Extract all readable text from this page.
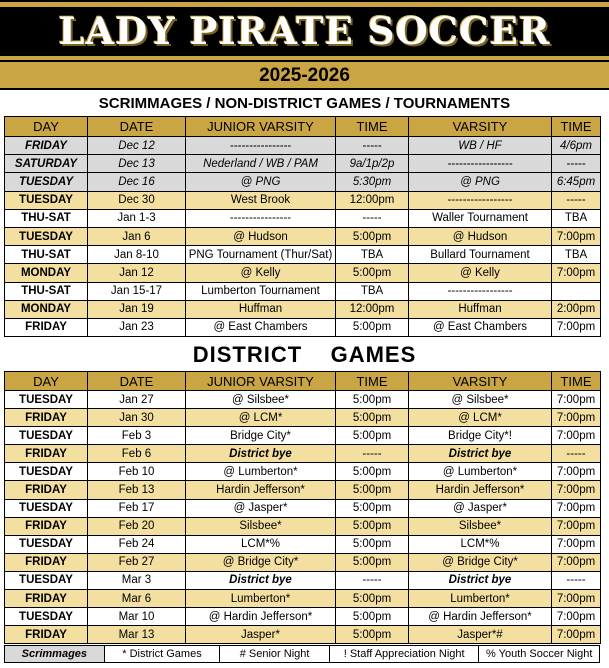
LADY PIRATE SOCCER
2025-2026
SCRIMMAGES / NON-DISTRICT GAMES / TOURNAMENTS
DAY	DATE	JUNIOR VARSITY	TIME	VARSITY	TIME
FRIDAY	Dec 12	----------------	-----	WB / HF	4/6pm
SATURDAY	Dec 13	Nederland / WB / PAM	9a/1p/2p	-----------------	-----
TUESDAY	Dec 16	@ PNG	5:30pm	@ PNG	6:45pm
TUESDAY	Dec 30	West Brook	12:00pm	-----------------	-----
THU-SAT	Jan 1-3	----------------	-----	Waller Tournament	TBA
TUESDAY	Jan 6	@ Hudson	5:00pm	@ Hudson	7:00pm
THU-SAT	Jan 8-10	PNG Tournament (Thur/Sat)	TBA	Bullard Tournament	TBA
MONDAY	Jan 12	@ Kelly	5:00pm	@ Kelly	7:00pm
THU-SAT	Jan 15-17	Lumberton Tournament	TBA	-----------------	
MONDAY	Jan 19	Huffman	12:00pm	Huffman	2:00pm
FRIDAY	Jan 23	@ East Chambers	5:00pm	@ East Chambers	7:00pm
DISTRICT    GAMES
DAY	DATE	JUNIOR VARSITY	TIME	VARSITY	TIME
TUESDAY	Jan 27	@ Silsbee*	5:00pm	@ Silsbee*	7:00pm
FRIDAY	Jan 30	@ LCM*	5:00pm	@ LCM*	7:00pm
TUESDAY	Feb 3	Bridge City*	5:00pm	Bridge City*!	7:00pm
FRIDAY	Feb 6	District bye	-----	District bye	-----
TUESDAY	Feb 10	@ Lumberton*	5:00pm	@ Lumberton*	7:00pm
FRIDAY	Feb 13	Hardin Jefferson*	5:00pm	Hardin Jefferson*	7:00pm
TUESDAY	Feb 17	@ Jasper*	5:00pm	@ Jasper*	7:00pm
FRIDAY	Feb 20	Silsbee*	5:00pm	Silsbee*	7:00pm
TUESDAY	Feb 24	LCM*%	5:00pm	LCM*%	7:00pm
FRIDAY	Feb 27	@ Bridge City*	5:00pm	@ Bridge City*	7:00pm
TUESDAY	Mar 3	District bye	-----	District bye	-----
FRIDAY	Mar 6	Lumberton*	5:00pm	Lumberton*	7:00pm
TUESDAY	Mar 10	@ Hardin Jefferson*	5:00pm	@ Hardin Jefferson*	7:00pm
FRIDAY	Mar 13	Jasper*	5:00pm	Jasper*#	7:00pm
Scrimmages	* District Games	# Senior Night	! Staff Appreciation Night	% Youth Soccer Night
